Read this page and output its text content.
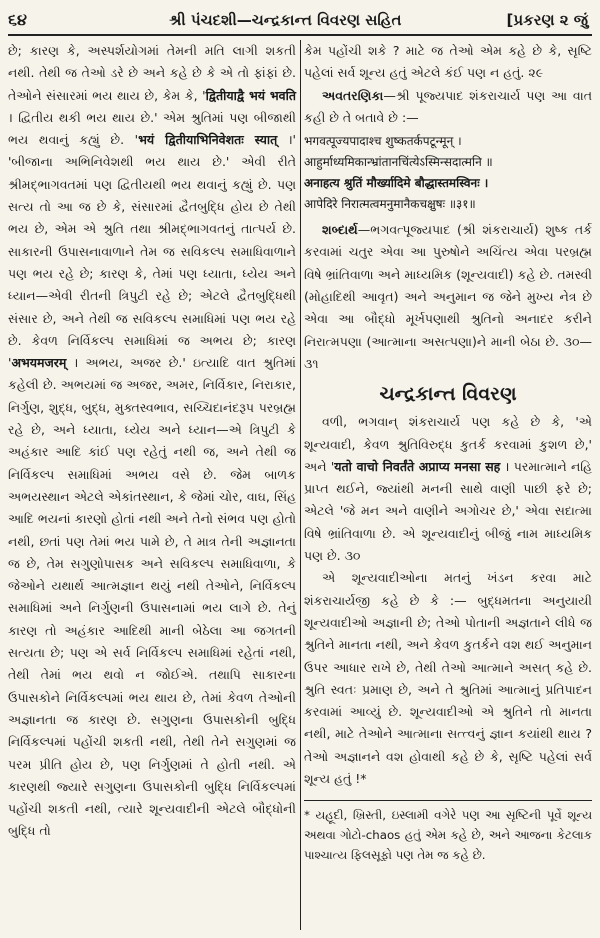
૬૪	શ્રી પંચદશી—ચન્દ્રકાન્ત વિવરણ સહિત	[પ્રકરણ ૨ જું

છે; કારણ કે, અસ્પર્શયોગમાં તેમની મતિ લાગી શકતી નથી. તેથી જ તેઓ ડરે છે અને કહે છે કે એ તો ફાંફાં છે. તેઓને સંસારમાં ભય થાય છે, કેમ કે, 'द्वितीयाद्वै भयं भवति । દ્વિતીય થકી ભય થાય છે.' એમ શ્રુતિમાં પણ બીજાથી ભય થવાનું કહ્યું છે. 'भयं द्वितीयाभिनिवेशतः स्यात् ।' 'બીજાના અભિનિવેશથી ભય થાય છે.' એવી રીતે શ્રીમદ્ભાગવતમાં પણ દ્વિતીયથી ભય થવાનું કહ્યું છે. પણ સત્ય તો આ જ છે કે, સંસારમાં દ્વૈતબુદ્ધિ હોય છે તેથી ભય છે, એમ એ શ્રુતિ તથા શ્રીમદ્ભાગવતનું તાત્પર્ય છે. સાકારની ઉપાસનાવાળાને તેમ જ સવિકલ્પ સમાધિવાળાને પણ ભય રહે છે; કારણ કે, તેમાં પણ ધ્યાતા, ધ્યેય અને ધ્યાન—એવી રીતની ત્રિપુટી રહે છે; એટલે દ્વૈતબુદ્ધિથી સંસાર છે, અને તેથી જ સવિકલ્પ સમાધિમાં પણ ભય રહે છે. કેવળ નિર્વિકલ્પ સમાધિમાં જ અભય છે; કારણ 'अभयमजरम् । અભય, અજર છે.' ઇત્યાદિ વાત શ્રુતિમાં કહેલી છે. અભયમાં જ અજર, અમર, નિર્વિકાર, નિરાકાર, નિર્ગુણ, શુદ્ધ, બુદ્ધ, મુક્તસ્વભાવ, સચ્ચિદાનંદરૂપ પરબ્રહ્મ રહે છે, અને ધ્યાતા, ધ્યેય અને ધ્યાન—એ ત્રિપુટી કે અહંકાર આદિ કાંઈ પણ રહેતું નથી જ, અને તેથી જ નિર્વિકલ્પ સમાધિમાં અભય વસે છે. જેમ બાળક અભયસ્થાન એટલે એકાંતસ્થાન, કે જેમાં ચોર, વાઘ, સિંહ આદિ ભયનાં કારણો હોતાં નથી અને તેનો સંભવ પણ હોતો નથી, છતાં પણ તેમાં ભય પામે છે, તે માત્ર તેની અજ્ઞાનતા જ છે, તેમ સગુણોપાસક અને સવિકલ્પ સમાધિવાળા, કે જેઓને યથાર્થ આત્મજ્ઞાન થયું નથી તેઓને, નિર્વિકલ્પ સમાધિમાં અને નિર્ગુણની ઉપાસનામાં ભય લાગે છે. તેનું કારણ તો અહંકાર આદિથી માની બેઠેલા આ જગતની સત્યતા છે; પણ એ સર્વ નિર્વિકલ્પ સમાધિમાં રહેતાં નથી, તેથી તેમાં ભય થવો ન જોઈએ. તથાપિ સાકારના ઉપાસકોને નિર્વિકલ્પમાં ભય થાય છે, તેમાં કેવળ તેઓની અજ્ઞાનતા જ કારણ છે. સગુણના ઉપાસકોની બુદ્ધિ નિર્વિકલ્પમાં પહોંચી શકતી નથી, તેથી તેને સગુણમાં જ પરમ પ્રીતિ હોય છે, પણ નિર્ગુણમાં તે હોતી નથી. એ કારણથી જ્યારે સગુણના ઉપાસકોની બુદ્ધિ નિર્વિકલ્પમાં પહોંચી શકતી નથી, ત્યારે શૂન્યવાદીની એટલે બૌદ્ધોની બુદ્ધિ તો

કેમ પહોંચી શકે ? માટે જ તેઓ એમ કહે છે કે, સૃષ્ટિ પહેલાં સર્વ શૂન્ય હતું એટલે કંઈ પણ ન હતું. ૨૯

અવતરણિકા—શ્રી પૂજ્યપાદ શંકરાચાર્ય પણ આ વાત કહી છે તે બતાવે છે :—

भगवत्पूज्यपादाश्च शुष्कतर्कपटून्मून् ।
आहुर्माध्यमिकान्भ्रांतानचिंत्येऽस्मिन्सदात्मनि ॥
अनाहत्य श्रुतिं मौर्ख्यादिमे बौद्धास्तमस्विनः ।
आपेदिरे निरात्मत्वमनुमानैकचक्षुषः ॥३१॥

શબ્દાર્થ—ભગવત્પૂજ્યપાદ (શ્રી શંકરાચાર્ય) શુષ્ક તર્ક કરવામાં ચતુર એવા આ પુરુષોને અચિંત્ય એવા પરબ્રહ્મ વિષે ભ્રાંતિવાળા અને માધ્યમિક (શૂન્યવાદી) કહે છે. તમસ્વી (મોહાદિથી આવૃત) અને અનુમાન જ જેને મુખ્ય નેત્ર છે એવા આ બૌદ્ધો મૂર્ખપણાથી શ્રુતિનો અનાદર કરીને નિરાત્મપણા (આત્માના અસત્પણા)ને માની બેઠા છે. ૩૦—૩૧

ચન્દ્રકાન્ત વિવરણ

વળી, ભગવાન્ શંકરાચાર્ય પણ કહે છે કે, 'એ શૂન્યવાદી, કેવળ શ્રુતિવિરુદ્ધ કુતર્ક કરવામાં કુશળ છે,' અને 'यतो वाचो निवर्तंते अप्राप्य मनसा सह । પરમાત્માને નહિ પ્રાપ્ત થઈને, જ્યાંથી મનની સાથે વાણી પાછી ફરે છે; એટલે 'જે મન અને વાણીને અગોચર છે,' એવા સદાત્મા વિષે ભ્રાંતિવાળા છે. એ શૂન્યવાદીનું બીજું નામ માધ્યમિક પણ છે. ૩૦

એ શૂન્યવાદીઓના મતનું ખંડન કરવા માટે શંકરાચાર્યજી કહે છે કે :— બુદ્ધમતના અનુયાયી શૂન્યવાદીઓ અજ્ઞાની છે; તેઓ પોતાની અજ્ઞતાને લીધે જ શ્રુતિને માનતા નથી, અને કેવળ કુતર્કને વશ થઈ અનુમાન ઉપર આધાર રાખે છે, તેથી તેઓ આત્માને અસત્ કહે છે. શ્રુતિ સ્વતઃ પ્રમાણ છે, અને તે શ્રુતિમાં આત્માનું પ્રતિપાદન કરવામાં આવ્યું છે. શૂન્યવાદીઓ એ શ્રુતિને તો માનતા નથી, માટે તેઓને આત્માના સત્ત્વનું જ્ઞાન કયાંથી થાય ? તેઓ અજ્ઞાનને વશ હોવાથી કહે છે કે, સૃષ્ટિ પહેલાં સર્વ શૂન્ય હતું !*

* યહૂદી, ખ્રિસ્તી, ઇસ્લામી વગેરે પણ આ સૃષ્ટિની પૂર્વે શૂન્ય અથવા ગોટો-chaos હતું એમ કહે છે, અને આજના કેટલાક પાશ્ચાત્ય ફિલસૂફો પણ તેમ જ કહે છે.
